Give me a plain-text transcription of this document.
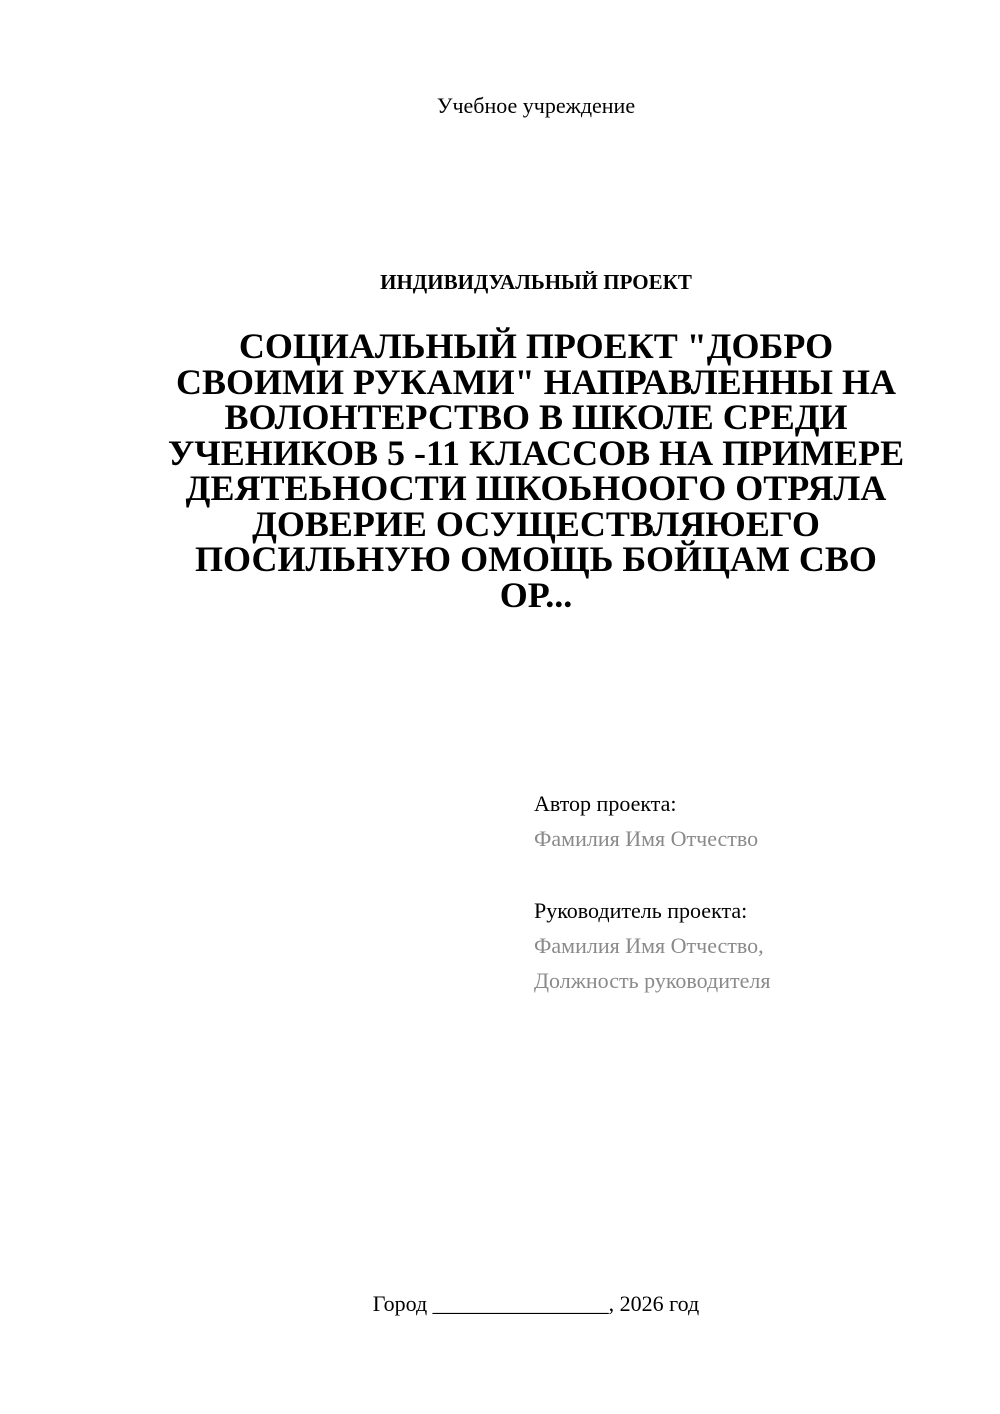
Учебное учреждение
ИНДИВИДУАЛЬНЫЙ ПРОЕКТ
СОЦИАЛЬНЫЙ ПРОЕКТ "ДОБРО СВОИМИ РУКАМИ" НАПРАВЛЕННЫ НА ВОЛОНТЕРСТВО В ШКОЛЕ СРЕДИ УЧЕНИКОВ 5 -11 КЛАССОВ НА ПРИМЕРЕ ДЕЯТЕЬНОСТИ ШКОЬНООГО ОТРЯЛА ДОВЕРИЕ ОСУЩЕСТВЛЯЮЕГО ПОСИЛЬНУЮ ОМОЩЬ БОЙЦАМ СВО ОР...
Автор проекта:
Фамилия Имя Отчество
Руководитель проекта:
Фамилия Имя Отчество,
Должность руководителя
Город ________________, 2026 год
